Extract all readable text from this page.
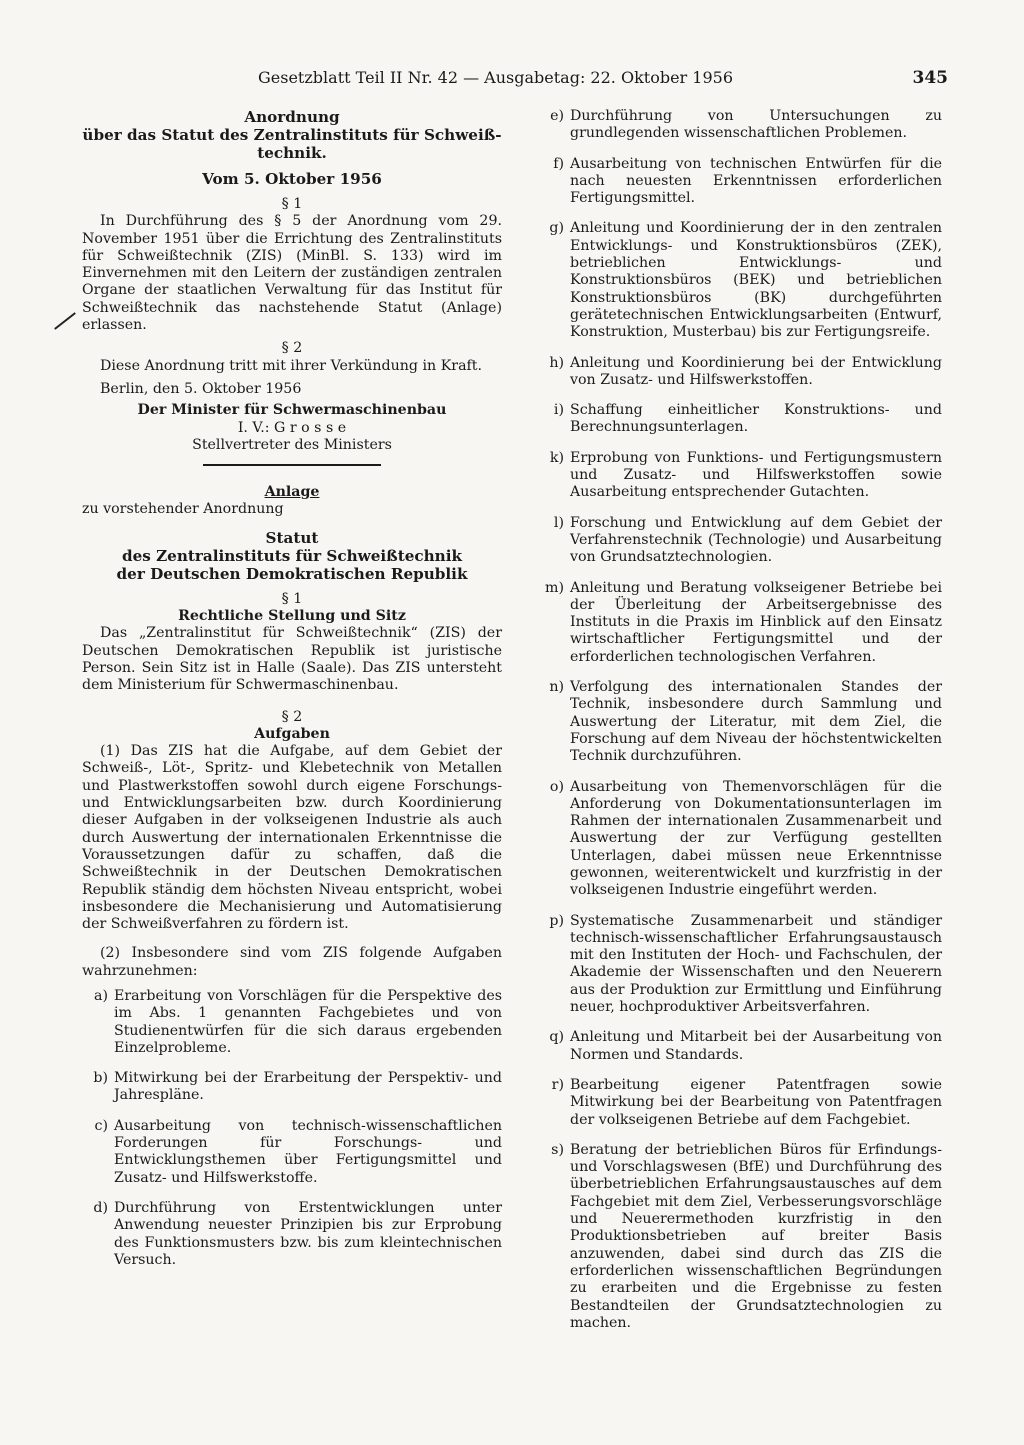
Gesetzblatt Teil II Nr. 42 — Ausgabetag: 22. Oktober 1956	345
Anordnung
über das Statut des Zentralinstituts für Schweiß-
technik.
Vom 5. Oktober 1956
§ 1

In Durchführung des § 5 der Anordnung vom 29. November 1951 über die Errichtung des Zentralinstituts für Schweißtechnik (ZIS) (MinBl. S. 133) wird im Einvernehmen mit den Leitern der zuständigen zentralen Organe der staatlichen Verwaltung für das Institut für Schweißtechnik das nachstehende Statut (Anlage) erlassen.

§ 2

Diese Anordnung tritt mit ihrer Verkündung in Kraft.

Berlin, den 5. Oktober 1956

Der Minister für Schwermaschinenbau
I. V.: G r o s s e
Stellvertreter des Ministers
Anlage
zu vorstehender Anordnung
Statut
des Zentralinstituts für Schweißtechnik
der Deutschen Demokratischen Republik
§ 1
Rechtliche Stellung und Sitz

Das „Zentralinstitut für Schweißtechnik“ (ZIS) der Deutschen Demokratischen Republik ist juristische Person. Sein Sitz ist in Halle (Saale). Das ZIS untersteht dem Ministerium für Schwermaschinenbau.

§ 2
Aufgaben

(1) Das ZIS hat die Aufgabe, auf dem Gebiet der Schweiß-, Löt-, Spritz- und Klebetechnik von Metallen und Plastwerkstoffen sowohl durch eigene Forschungs- und Entwicklungsarbeiten bzw. durch Koordinierung dieser Aufgaben in der volkseigenen Industrie als auch durch Auswertung der internationalen Erkenntnisse die Voraussetzungen dafür zu schaffen, daß die Schweißtechnik in der Deutschen Demokratischen Republik ständig dem höchsten Niveau entspricht, wobei insbesondere die Mechanisierung und Automatisierung der Schweißverfahren zu fördern ist.

(2) Insbesondere sind vom ZIS folgende Aufgaben wahrzunehmen:

a) Erarbeitung von Vorschlägen für die Perspektive des im Abs. 1 genannten Fachgebietes und von Studienentwürfen für die sich daraus ergebenden Einzelprobleme.
b) Mitwirkung bei der Erarbeitung der Perspektiv- und Jahrespläne.
c) Ausarbeitung von technisch-wissenschaftlichen Forderungen für Forschungs- und Entwicklungsthemen über Fertigungsmittel und Zusatz- und Hilfswerkstoffe.
d) Durchführung von Erstentwicklungen unter Anwendung neuester Prinzipien bis zur Erprobung des Funktionsmusters bzw. bis zum kleintechnischen Versuch.
e) Durchführung von Untersuchungen zu grundlegenden wissenschaftlichen Problemen.
f) Ausarbeitung von technischen Entwürfen für die nach neuesten Erkenntnissen erforderlichen Fertigungsmittel.
g) Anleitung und Koordinierung der in den zentralen Entwicklungs- und Konstruktionsbüros (ZEK), betrieblichen Entwicklungs- und Konstruktionsbüros (BEK) und betrieblichen Konstruktionsbüros (BK) durchgeführten gerätetechnischen Entwicklungsarbeiten (Entwurf, Konstruktion, Musterbau) bis zur Fertigungsreife.
h) Anleitung und Koordinierung bei der Entwicklung von Zusatz- und Hilfswerkstoffen.
i) Schaffung einheitlicher Konstruktions- und Berechnungsunterlagen.
k) Erprobung von Funktions- und Fertigungsmustern und Zusatz- und Hilfswerkstoffen sowie Ausarbeitung entsprechender Gutachten.
l) Forschung und Entwicklung auf dem Gebiet der Verfahrenstechnik (Technologie) und Ausarbeitung von Grundsatztechnologien.
m) Anleitung und Beratung volkseigener Betriebe bei der Überleitung der Arbeitsergebnisse des Instituts in die Praxis im Hinblick auf den Einsatz wirtschaftlicher Fertigungsmittel und der erforderlichen technologischen Verfahren.
n) Verfolgung des internationalen Standes der Technik, insbesondere durch Sammlung und Auswertung der Literatur, mit dem Ziel, die Forschung auf dem Niveau der höchstentwickelten Technik durchzuführen.
o) Ausarbeitung von Themenvorschlägen für die Anforderung von Dokumentationsunterlagen im Rahmen der internationalen Zusammenarbeit und Auswertung der zur Verfügung gestellten Unterlagen, dabei müssen neue Erkenntnisse gewonnen, weiterentwickelt und kurzfristig in der volkseigenen Industrie eingeführt werden.
p) Systematische Zusammenarbeit und ständiger technisch-wissenschaftlicher Erfahrungsaustausch mit den Instituten der Hoch- und Fachschulen, der Akademie der Wissenschaften und den Neuerern aus der Produktion zur Ermittlung und Einführung neuer, hochproduktiver Arbeitsverfahren.
q) Anleitung und Mitarbeit bei der Ausarbeitung von Normen und Standards.
r) Bearbeitung eigener Patentfragen sowie Mitwirkung bei der Bearbeitung von Patentfragen der volkseigenen Betriebe auf dem Fachgebiet.
s) Beratung der betrieblichen Büros für Erfindungs- und Vorschlagswesen (BfE) und Durchführung des überbetrieblichen Erfahrungsaustausches auf dem Fachgebiet mit dem Ziel, Verbesserungsvorschläge und Neuerermethoden kurzfristig in den Produktionsbetrieben auf breiter Basis anzuwenden, dabei sind durch das ZIS die erforderlichen wissenschaftlichen Begründungen zu erarbeiten und die Ergebnisse zu festen Bestandteilen der Grundsatztechnologien zu machen.
